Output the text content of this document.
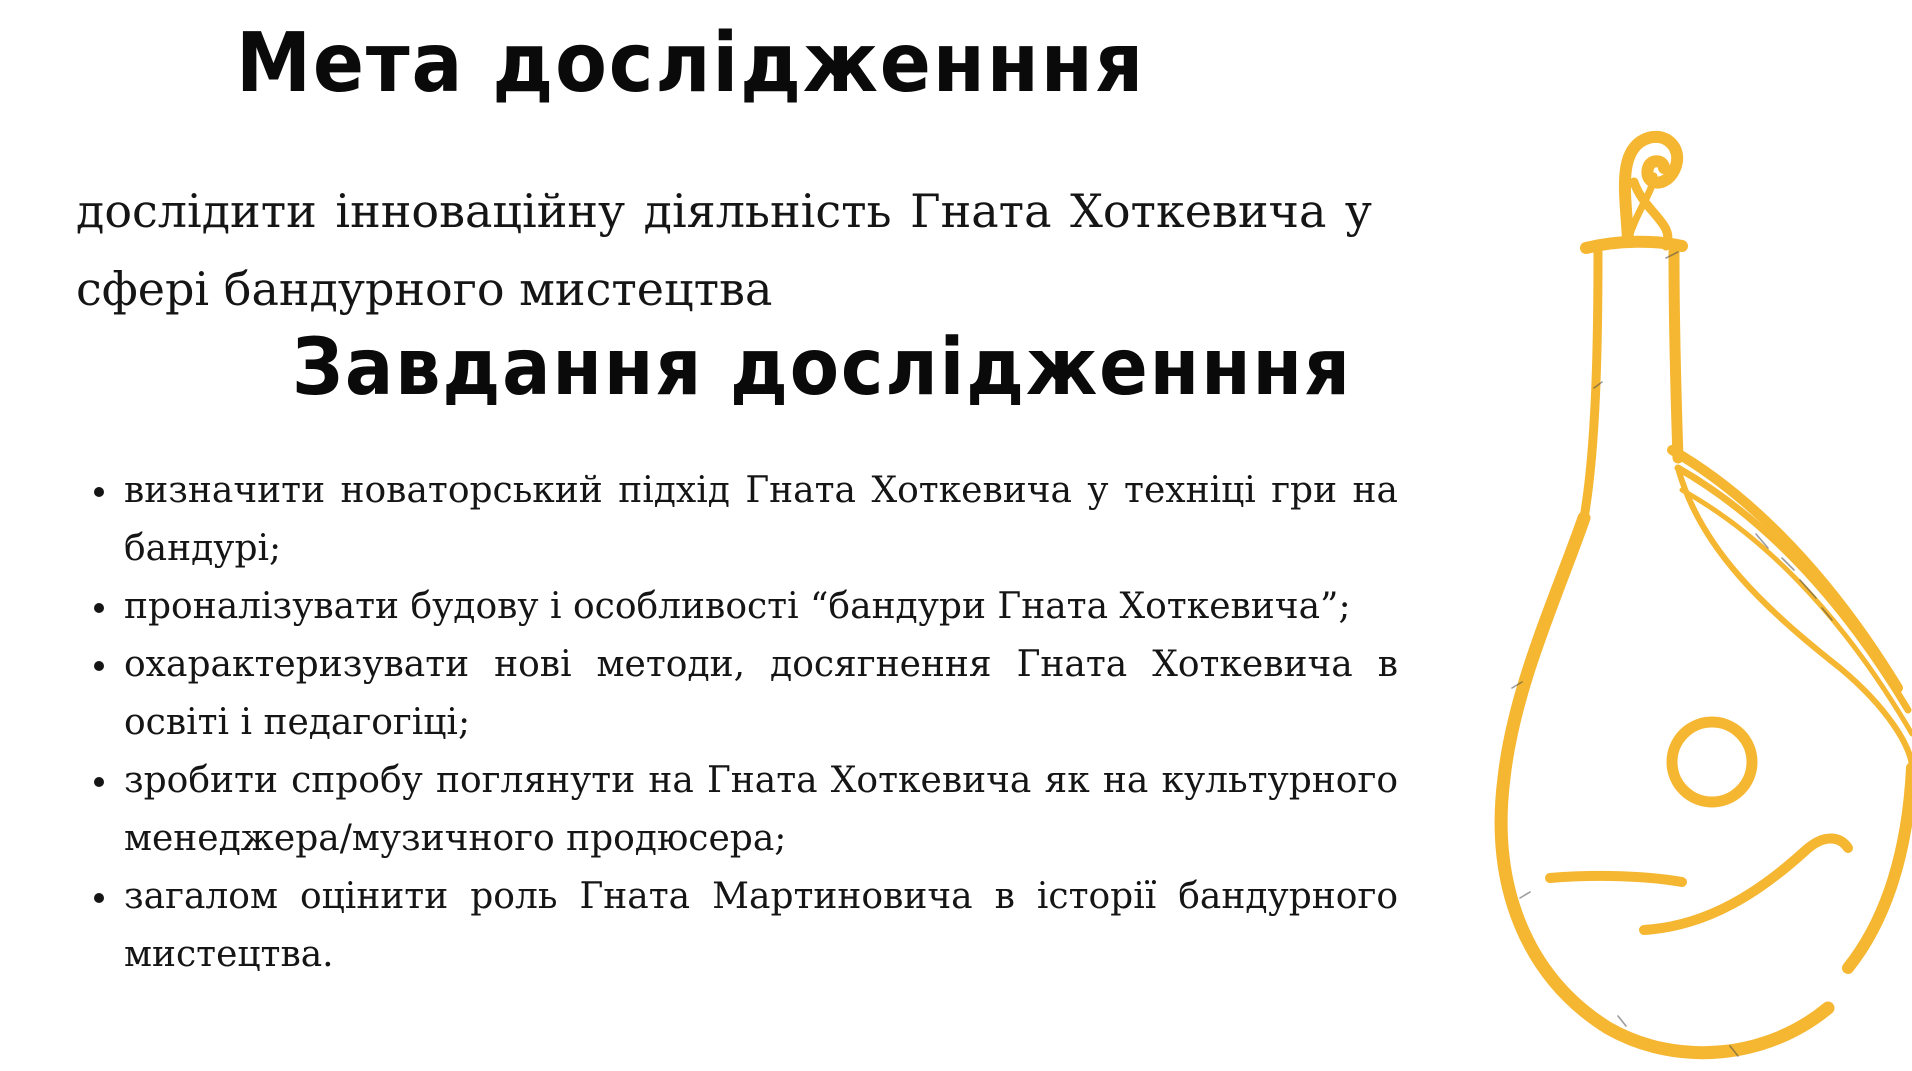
Мета дослідженння

дослідити інноваційну діяльність Гната Хоткевича у сфері бандурного мистецтва

Завдання дослідженння
визначити новаторський підхід Гната Хоткевича у техніці гри на бандурі;
проналізувати будову і особливості “бандури Гната Хоткевича”;
охарактеризувати нові методи, досягнення Гната Хоткевича в освіті і педагогіці;
зробити спробу поглянути на Гната Хоткевича як на культурного менеджера/музичного продюсера;
загалом оцінити роль Гната Мартиновича в історії бандурного мистецтва.
